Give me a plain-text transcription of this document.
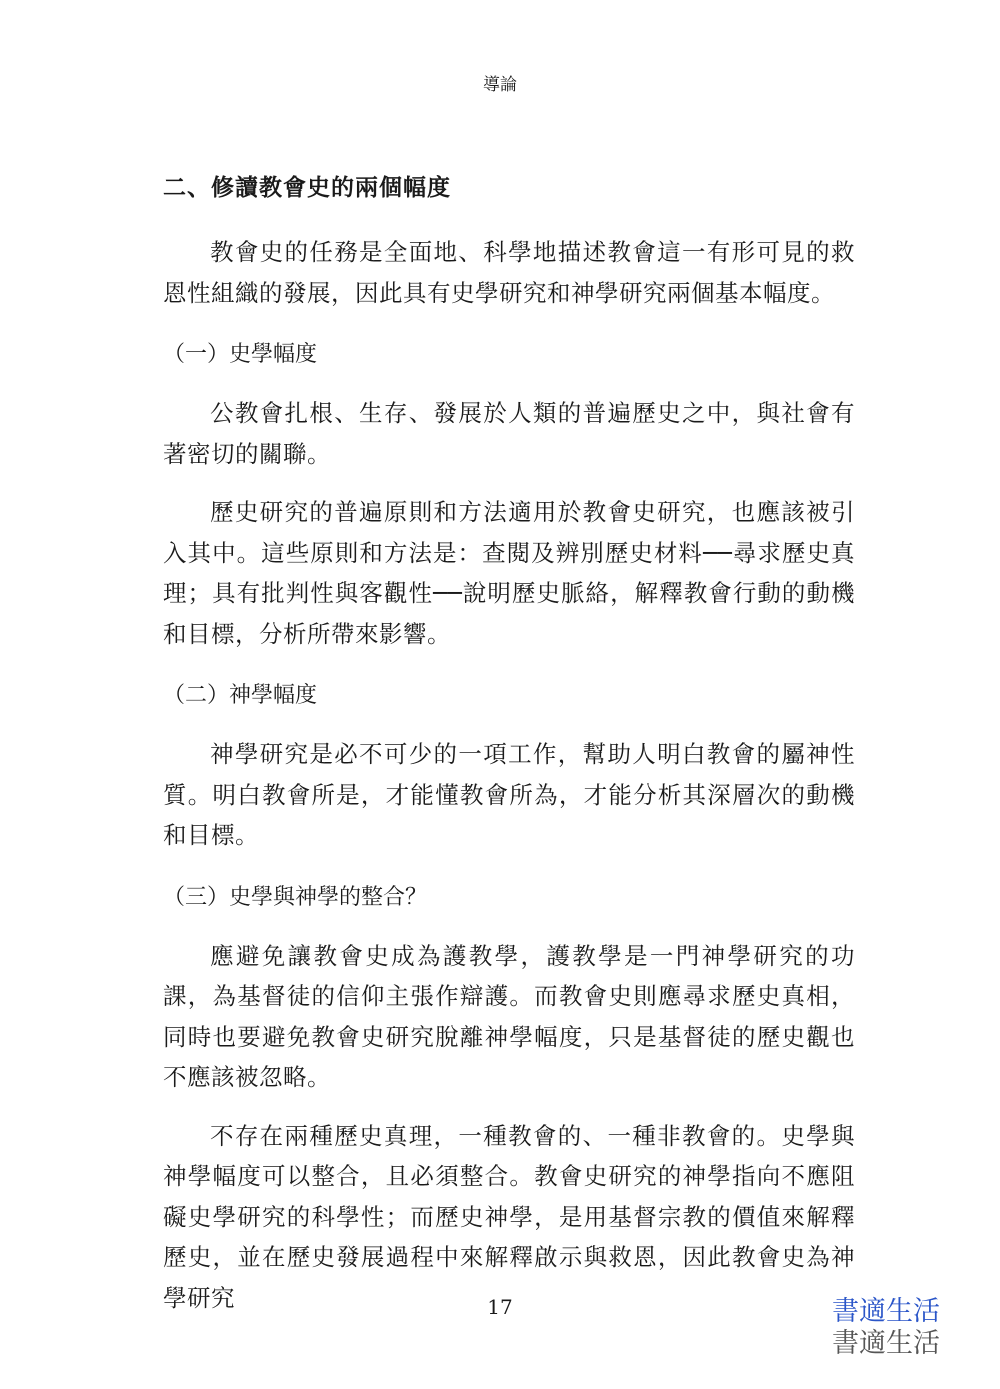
導論
二、修讀教會史的兩個幅度

教會史的任務是全面地、科學地描述教會這一有形可見的救恩性組織的發展，因此具有史學研究和神學研究兩個基本幅度。

（一）史學幅度

公教會扎根、生存、發展於人類的普遍歷史之中，與社會有著密切的關聯。

歷史研究的普遍原則和方法適用於教會史研究，也應該被引入其中。這些原則和方法是：查閱及辨別歷史材料──尋求歷史真理；具有批判性與客觀性──說明歷史脈絡，解釋教會行動的動機和目標，分析所帶來影響。

（二）神學幅度

神學研究是必不可少的一項工作，幫助人明白教會的屬神性質。明白教會所是，才能懂教會所為，才能分析其深層次的動機和目標。

（三）史學與神學的整合？

應避免讓教會史成為護教學，護教學是一門神學研究的功課，為基督徒的信仰主張作辯護。而教會史則應尋求歷史真相，同時也要避免教會史研究脫離神學幅度，只是基督徒的歷史觀也不應該被忽略。

不存在兩種歷史真理，一種教會的、一種非教會的。史學與神學幅度可以整合，且必須整合。教會史研究的神學指向不應阻礙史學研究的科學性；而歷史神學，是用基督宗教的價值來解釋歷史，並在歷史發展過程中來解釋啟示與救恩，因此教會史為神學研究	17	書適生活
書適生活
